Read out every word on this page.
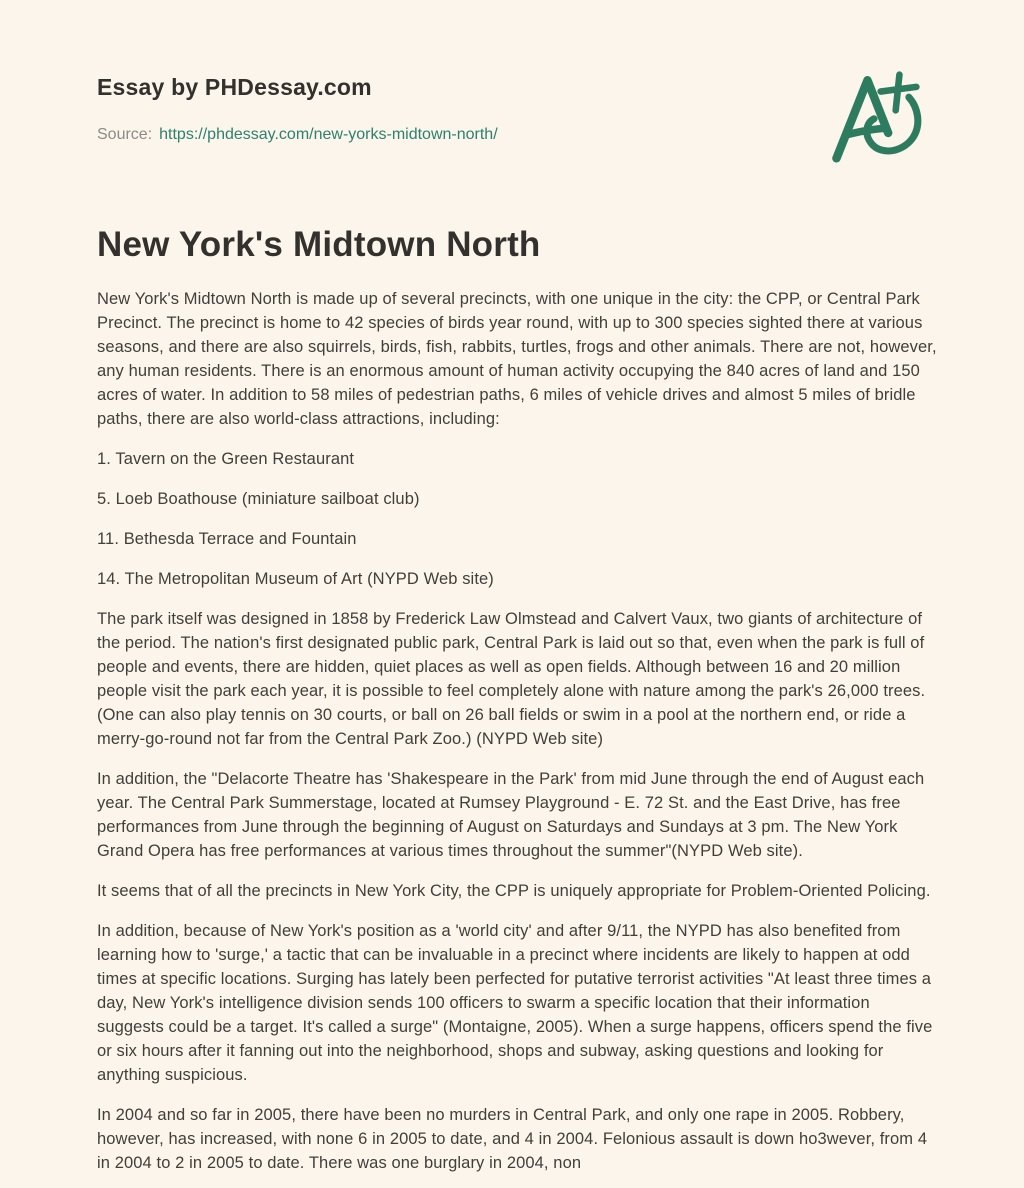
Essay by PHDessay.com
Source: https://phdessay.com/new-yorks-midtown-north/
New York's Midtown North

New York's Midtown North is made up of several precincts, with one unique in the city: the CPP, or Central Park Precinct. The precinct is home to 42 species of birds year round, with up to 300 species sighted there at various seasons, and there are also squirrels, birds, fish, rabbits, turtles, frogs and other animals. There are not, however, any human residents. There is an enormous amount of human activity occupying the 840 acres of land and 150 acres of water. In addition to 58 miles of pedestrian paths, 6 miles of vehicle drives and almost 5 miles of bridle paths, there are also world-class attractions, including:

1. Tavern on the Green Restaurant

5. Loeb Boathouse (miniature sailboat club)

11. Bethesda Terrace and Fountain

14. The Metropolitan Museum of Art (NYPD Web site)

The park itself was designed in 1858 by Frederick Law Olmstead and Calvert Vaux, two giants of architecture of the period. The nation's first designated public park, Central Park is laid out so that, even when the park is full of people and events, there are hidden, quiet places as well as open fields. Although between 16 and 20 million people visit the park each year, it is possible to feel completely alone with nature among the park's 26,000 trees. (One can also play tennis on 30 courts, or ball on 26 ball fields or swim in a pool at the northern end, or ride a merry-go-round not far from the Central Park Zoo.) (NYPD Web site)

In addition, the "Delacorte Theatre has 'Shakespeare in the Park' from mid June through the end of August each year. The Central Park Summerstage, located at Rumsey Playground - E. 72 St. and the East Drive, has free performances from June through the beginning of August on Saturdays and Sundays at 3 pm. The New York Grand Opera has free performances at various times throughout the summer"(NYPD Web site).

It seems that of all the precincts in New York City, the CPP is uniquely appropriate for Problem-Oriented Policing.

In addition, because of New York's position as a 'world city' and after 9/11, the NYPD has also benefited from learning how to 'surge,' a tactic that can be invaluable in a precinct where incidents are likely to happen at odd times at specific locations. Surging has lately been perfected for putative terrorist activities "At least three times a day, New York's intelligence division sends 100 officers to swarm a specific location that their information suggests could be a target. It's called a surge" (Montaigne, 2005). When a surge happens, officers spend the five or six hours after it fanning out into the neighborhood, shops and subway, asking questions and looking for anything suspicious.

In 2004 and so far in 2005, there have been no murders in Central Park, and only one rape in 2005. Robbery, however, has increased, with none 6 in 2005 to date, and 4 in 2004. Felonious assault is down ho3wever, from 4 in 2004 to 2 in 2005 to date. There was one burglary in 2004, non
